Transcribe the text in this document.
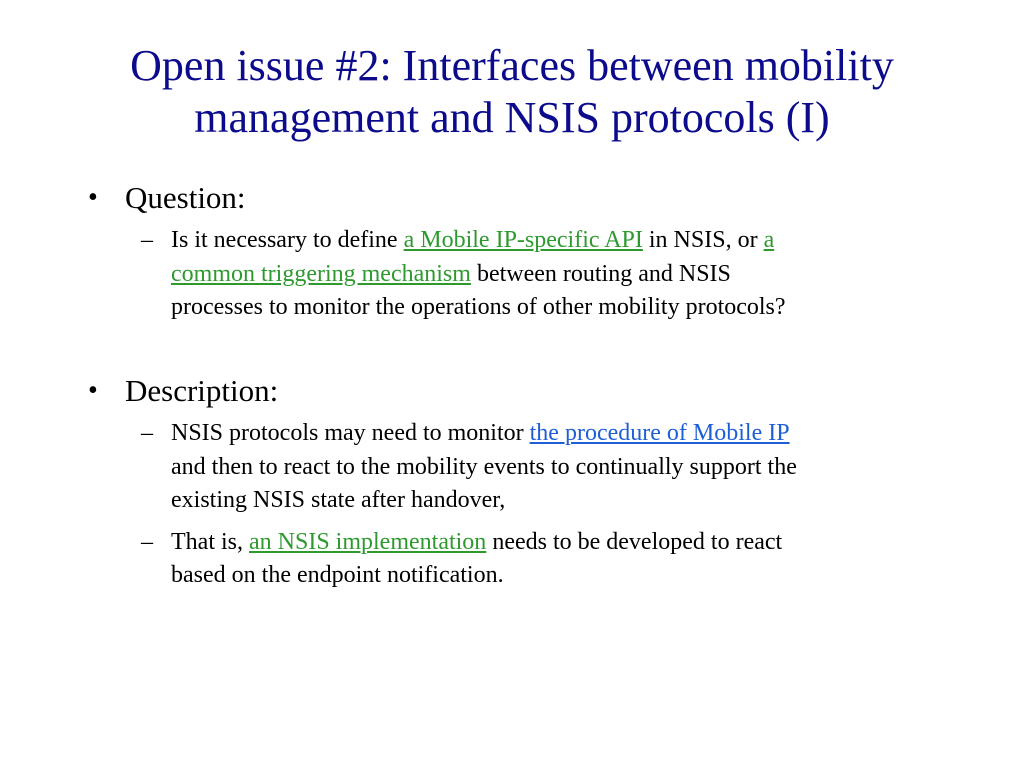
Open issue #2: Interfaces between mobility
management and NSIS protocols (I)
• Question:
– Is it necessary to define a Mobile IP-specific API in NSIS, or a
common triggering mechanism between routing and NSIS
processes to monitor the operations of other mobility protocols?
• Description:
– NSIS protocols may need to monitor the procedure of Mobile IP
and then to react to the mobility events to continually support the
existing NSIS state after handover,
– That is, an NSIS implementation needs to be developed to react
based on the endpoint notification.
